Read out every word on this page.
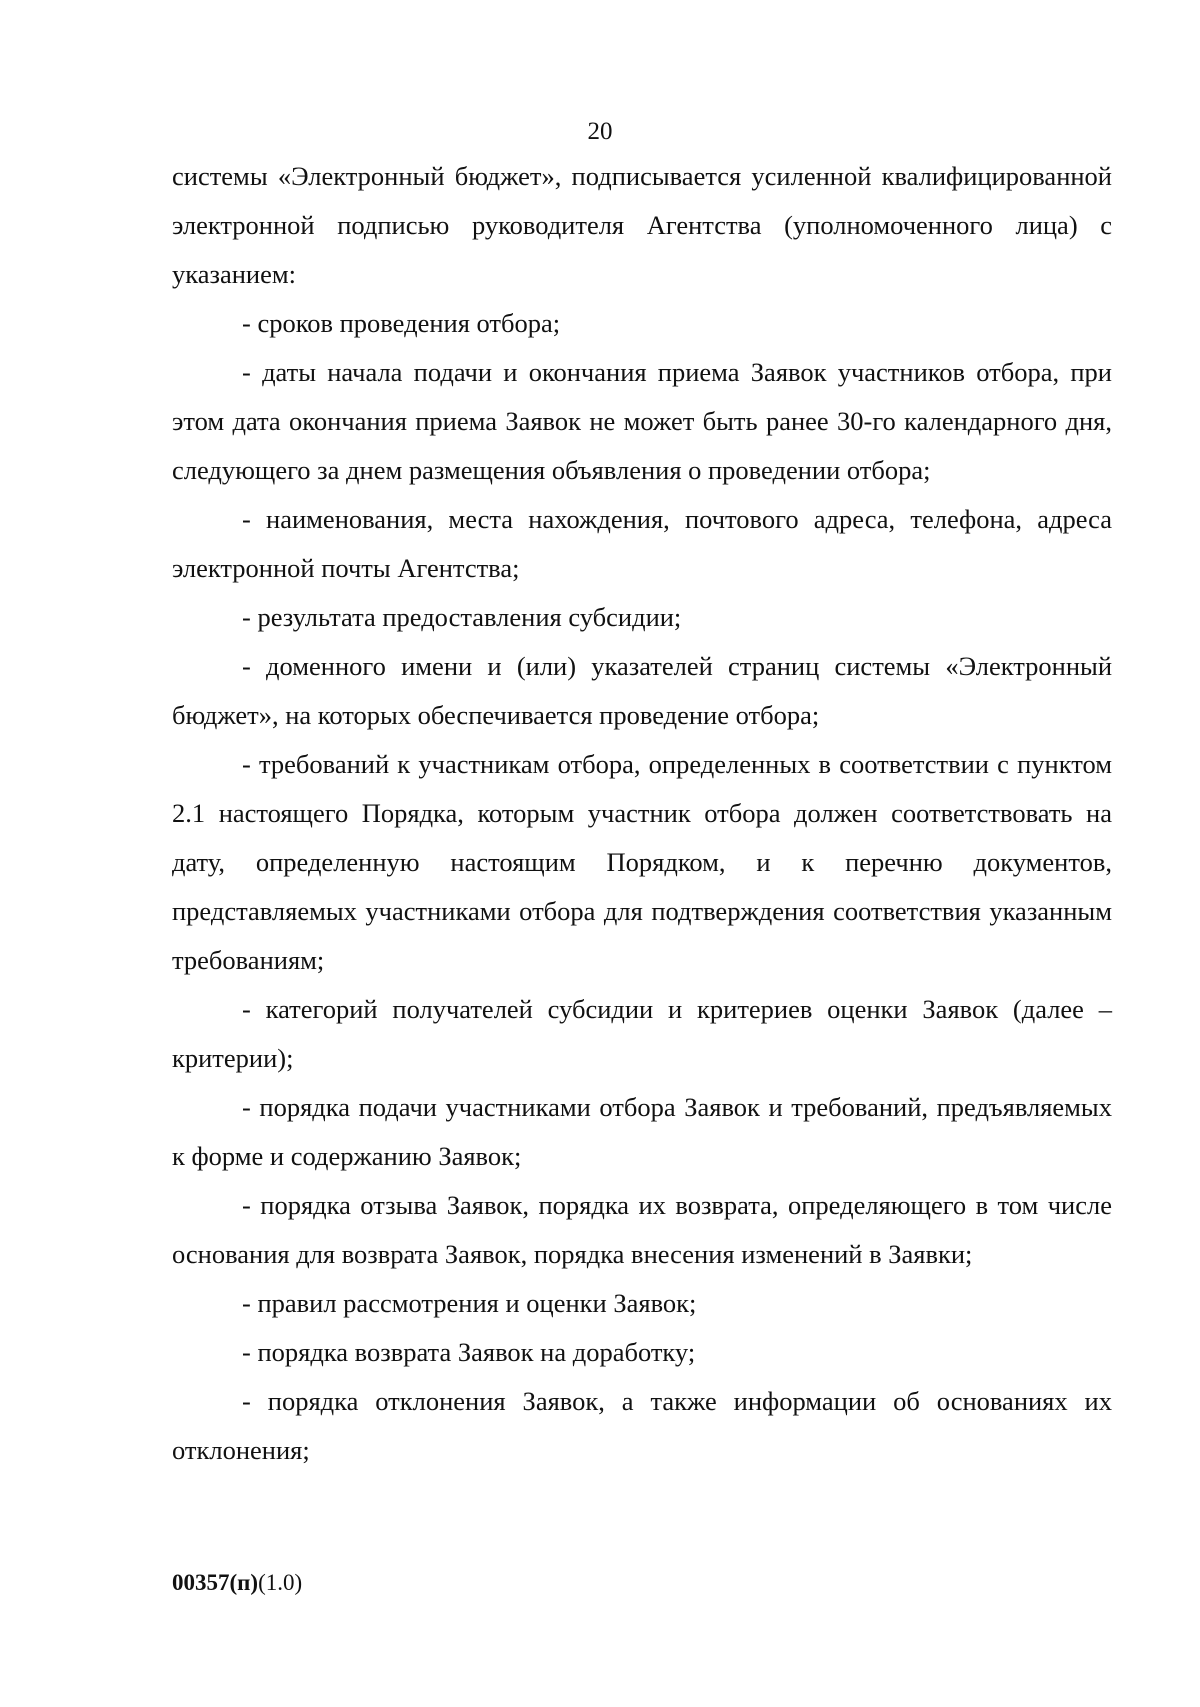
20

системы «Электронный бюджет», подписывается усиленной квалифицированной электронной подписью руководителя Агентства (уполномоченного лица) с указанием:

- сроков проведения отбора;

- даты начала подачи и окончания приема Заявок участников отбора, при этом дата окончания приема Заявок не может быть ранее 30-го календарного дня, следующего за днем размещения объявления о проведении отбора;

- наименования, места нахождения, почтового адреса, телефона, адреса электронной почты Агентства;

- результата предоставления субсидии;

- доменного имени и (или) указателей страниц системы «Электронный бюджет», на которых обеспечивается проведение отбора;

- требований к участникам отбора, определенных в соответствии с пунктом 2.1 настоящего Порядка, которым участник отбора должен соответствовать на дату, определенную настоящим Порядком, и к перечню документов, представляемых участниками отбора для подтверждения соответствия указанным требованиям;

- категорий получателей субсидии и критериев оценки Заявок (далее – критерии);

- порядка подачи участниками отбора Заявок и требований, предъявляемых к форме и содержанию Заявок;

- порядка отзыва Заявок, порядка их возврата, определяющего в том числе основания для возврата Заявок, порядка внесения изменений в Заявки;

- правил рассмотрения и оценки Заявок;

- порядка возврата Заявок на доработку;

- порядка отклонения Заявок, а также информации об основаниях их отклонения;

00357(п)(1.0)
